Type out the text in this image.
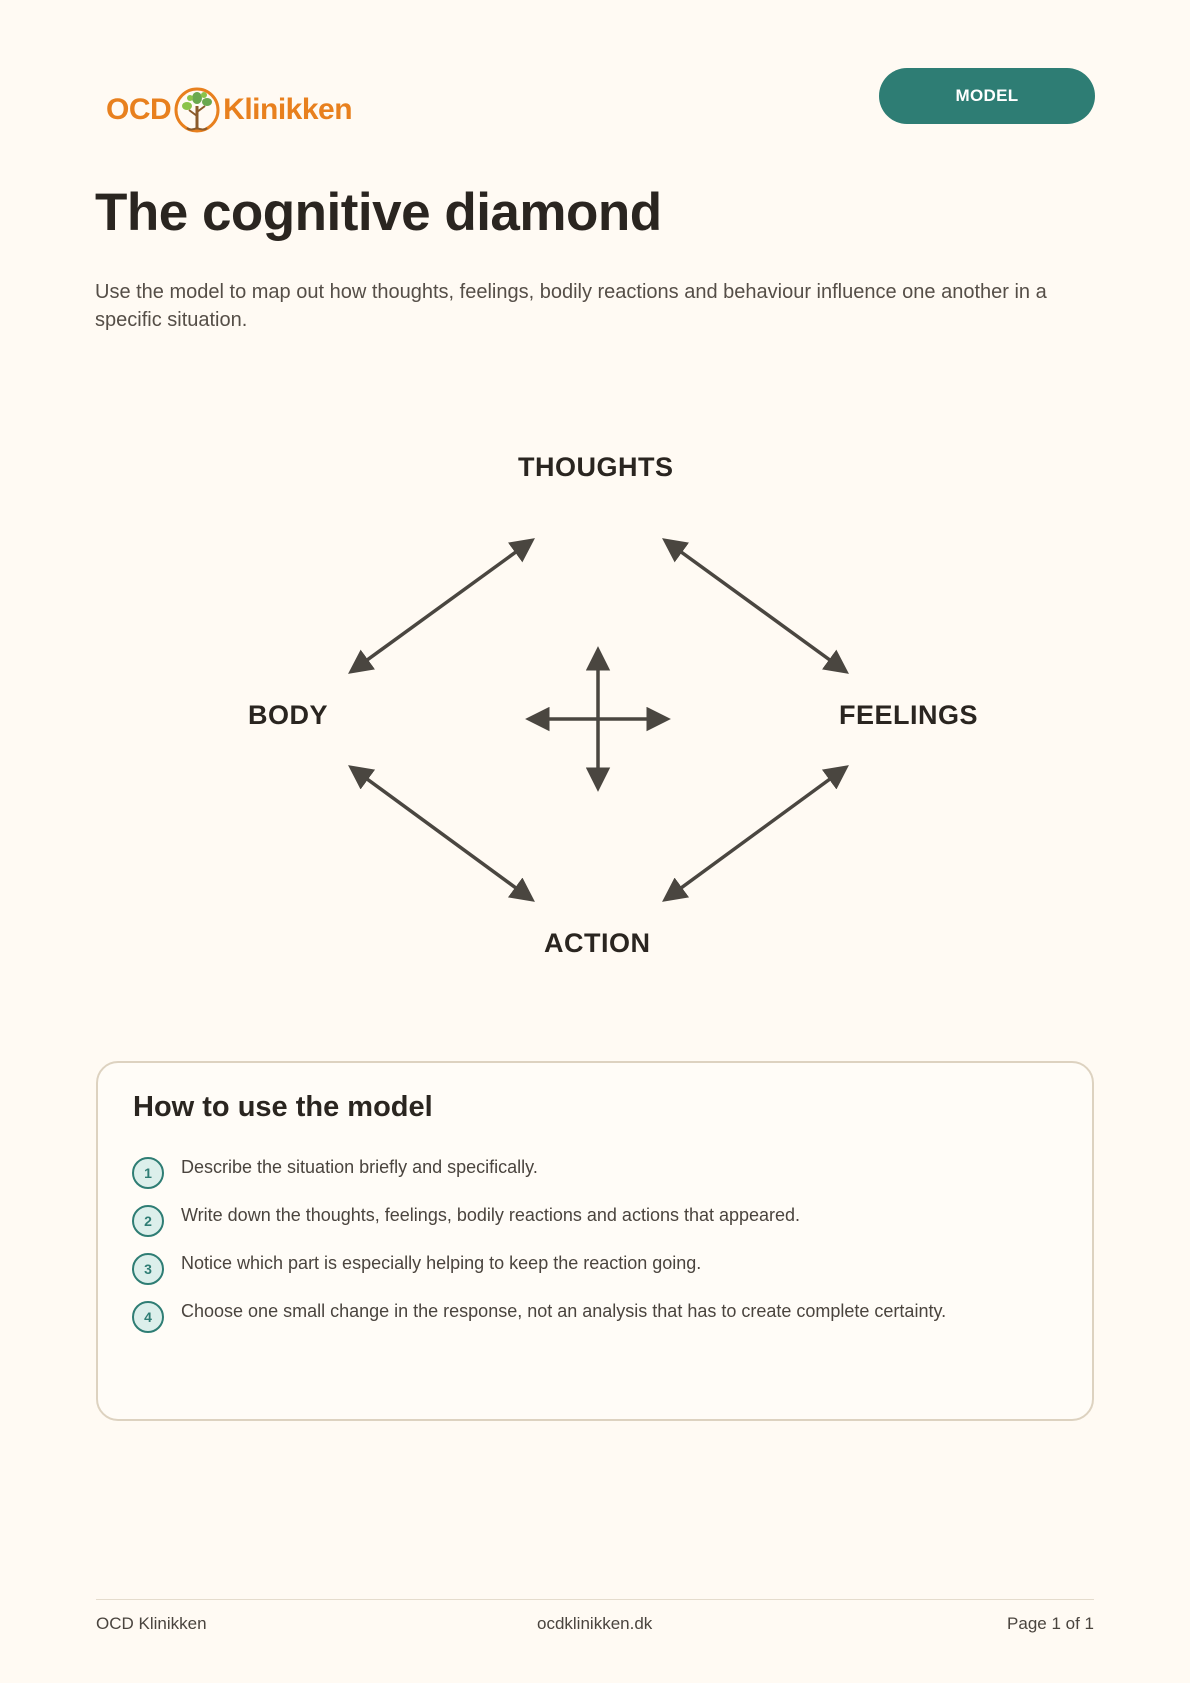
OCD Klinikken	MODEL
The cognitive diamond

Use the model to map out how thoughts, feelings, bodily reactions and behaviour influence one another in a specific situation.

THOUGHTS
BODY	FEELINGS
ACTION
How to use the model
1	Describe the situation briefly and specifically.
2	Write down the thoughts, feelings, bodily reactions and actions that appeared.
3	Notice which part is especially helping to keep the reaction going.
4	Choose one small change in the response, not an analysis that has to create complete certainty.
OCD Klinikken	ocdklinikken.dk	Page 1 of 1
